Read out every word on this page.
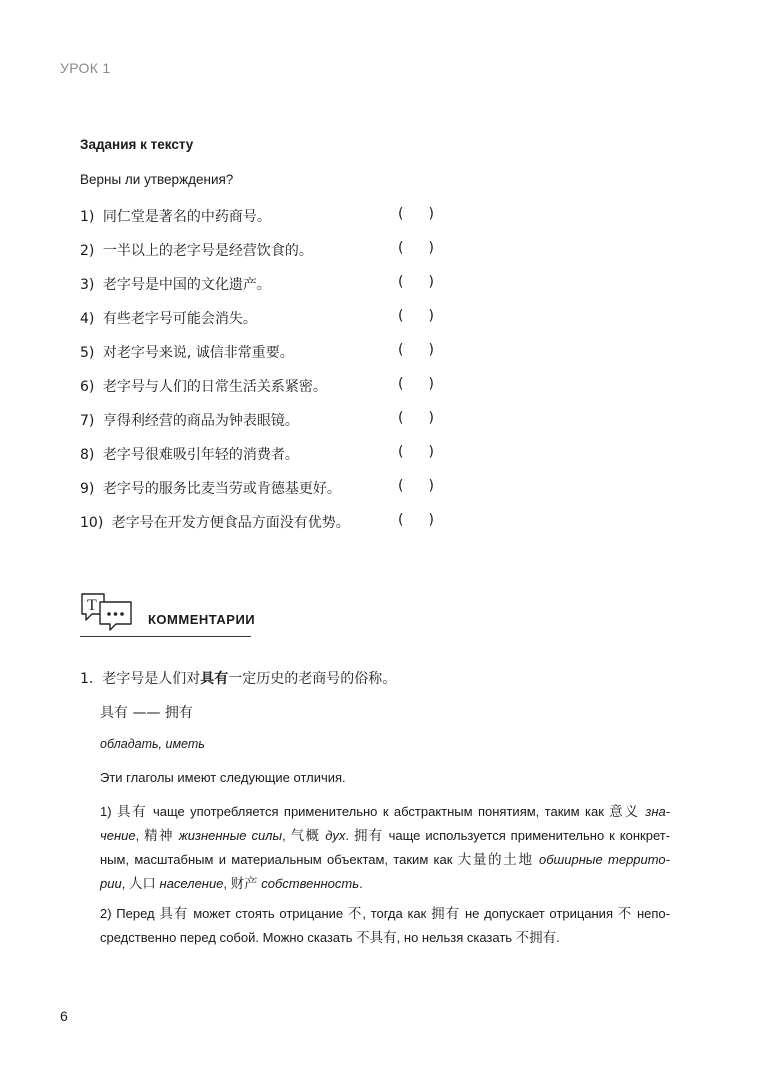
УРОК 1
Задания к тексту
Верны ли утверждения?
1) 同仁堂是著名的中药商号。	( )
2) 一半以上的老字号是经营饮食的。	( )
3) 老字号是中国的文化遗产。	( )
4) 有些老字号可能会消失。	( )
5) 对老字号来说, 诚信非常重要。	( )
6) 老字号与人们的日常生活关系紧密。	( )
7) 亨得利经营的商品为钟表眼镜。	( )
8) 老字号很难吸引年轻的消费者。	( )
9) 老字号的服务比麦当劳或肯德基更好。	( )
10) 老字号在开发方便食品方面没有优势。	( )
T
КОММЕНТАРИИ
1. 老字号是人们对具有一定历史的老商号的俗称。
具有 —— 拥有
обладать, иметь
Эти глаголы имеют следующие отличия.
1) 具有 чаще употребляется применительно к абстрактным понятиям, таким как 意义 зна-чение, 精神 жизненные силы, 气概 дух. 拥有 чаще используется применительно к конкрет-ным, масштабным и материальным объектам, таким как 大量的土地 обширные террито-рии, 人口 население, 财产 собственность.
2) Перед 具有 может стоять отрицание 不, тогда как 拥有 не допускает отрицания 不 непо-средственно перед собой. Можно сказать 不具有, но нельзя сказать 不拥有.
6
